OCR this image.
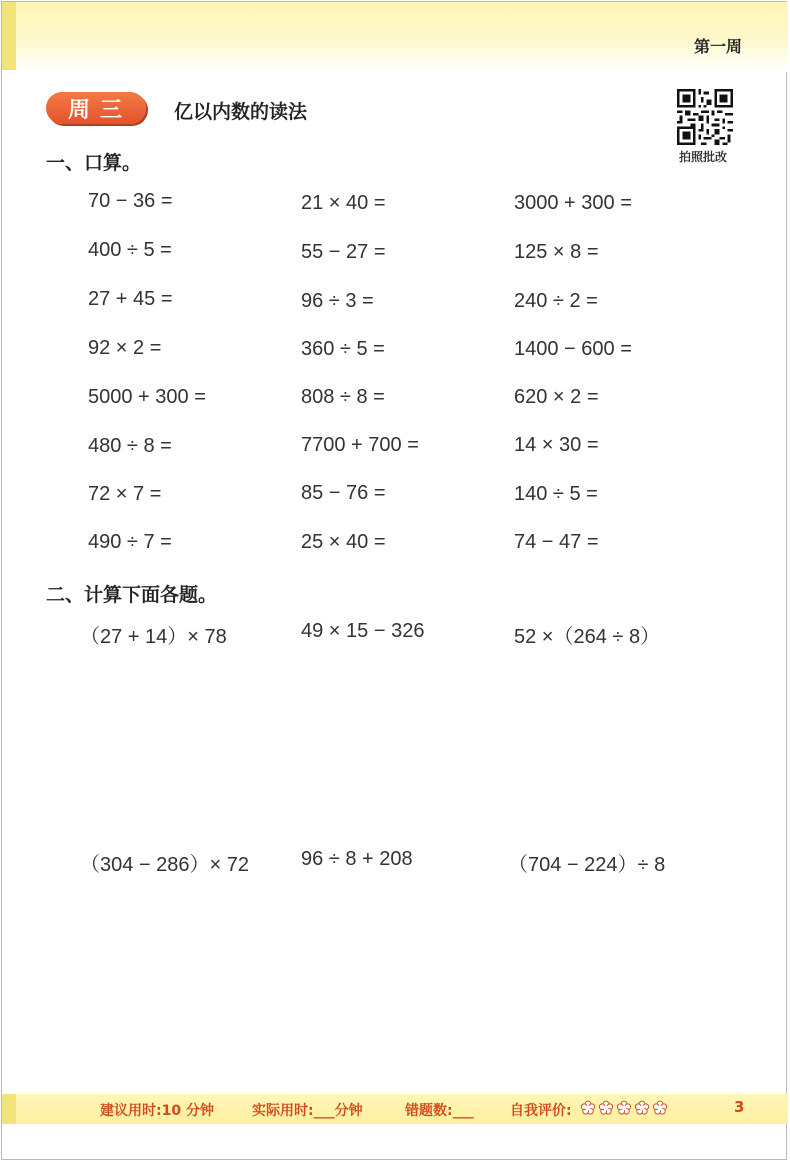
第一周
周三	亿以内数的读法
拍照批改
一、口算。
70 − 36 =	21 × 40 =	3000 + 300 =
400 ÷ 5 =	55 − 27 =	125 × 8 =
27 + 45 =	96 ÷ 3 =	240 ÷ 2 =
92 × 2 =	360 ÷ 5 =	1400 − 600 =
5000 + 300 =	808 ÷ 8 =	620 × 2 =
480 ÷ 8 =	7700 + 700 =	14 × 30 =
72 × 7 =	85 − 76 =	140 ÷ 5 =
490 ÷ 7 =	25 × 40 =	74 − 47 =
二、计算下面各题。
（27 + 14）× 78	49 × 15 − 326	52 ×（264 ÷ 8）
（304 − 286）× 72	96 ÷ 8 + 208	（704 − 224）÷ 8
建议用时:10 分钟	实际用时:___分钟	错题数:___	自我评价:	3
